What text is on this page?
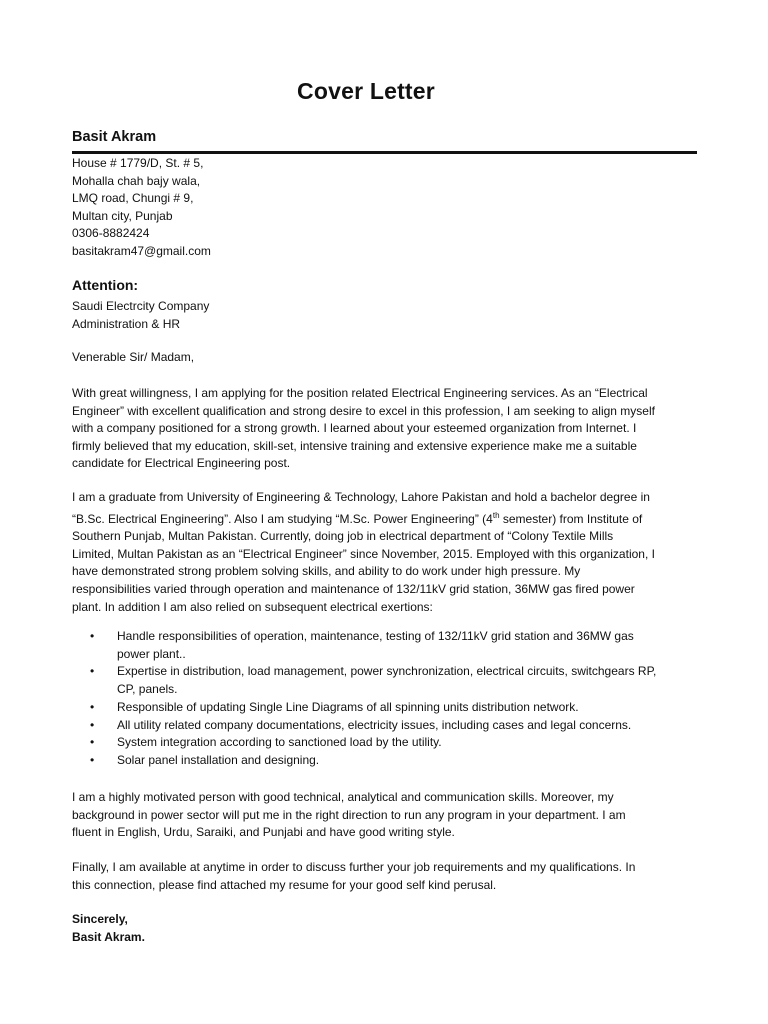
Cover Letter
Basit Akram
House # 1779/D, St. # 5,
Mohalla chah bajy wala,
LMQ road, Chungi # 9,
Multan city, Punjab
0306-8882424
basitakram47@gmail.com
Attention:
Saudi Electrcity Company
Administration & HR

Venerable Sir/ Madam,

With great willingness, I am applying for the position related Electrical Engineering services. As an “Electrical

Engineer” with excellent qualification and strong desire to excel in this profession, I am seeking to align myself

with a company positioned for a strong growth. I learned about your esteemed organization from Internet. I

firmly believed that my education, skill-set, intensive training and extensive experience make me a suitable

candidate for Electrical Engineering post.

I am a graduate from University of Engineering & Technology, Lahore Pakistan and hold a bachelor degree in

“B.Sc. Electrical Engineering”. Also I am studying “M.Sc. Power Engineering” (4th semester) from Institute of

Southern Punjab, Multan Pakistan. Currently, doing job in electrical department of “Colony Textile Mills

Limited, Multan Pakistan as an “Electrical Engineer” since November, 2015. Employed with this organization, I

have demonstrated strong problem solving skills, and ability to do work under high pressure. My

responsibilities varied through operation and maintenance of 132/11kV grid station, 36MW gas fired power

plant. In addition I am also relied on subsequent electrical exertions:

• Handle responsibilities of operation, maintenance, testing of 132/11kV grid station and 36MW gas
power plant..
• Expertise in distribution, load management, power synchronization, electrical circuits, switchgears RP,
CP, panels.
• Responsible of updating Single Line Diagrams of all spinning units distribution network.
• All utility related company documentations, electricity issues, including cases and legal concerns.
• System integration according to sanctioned load by the utility.
• Solar panel installation and designing.

I am a highly motivated person with good technical, analytical and communication skills. Moreover, my

background in power sector will put me in the right direction to run any program in your department. I am

fluent in English, Urdu, Saraiki, and Punjabi and have good writing style.

Finally, I am available at anytime in order to discuss further your job requirements and my qualifications. In

this connection, please find attached my resume for your good self kind perusal.

Sincerely,

Basit Akram.
